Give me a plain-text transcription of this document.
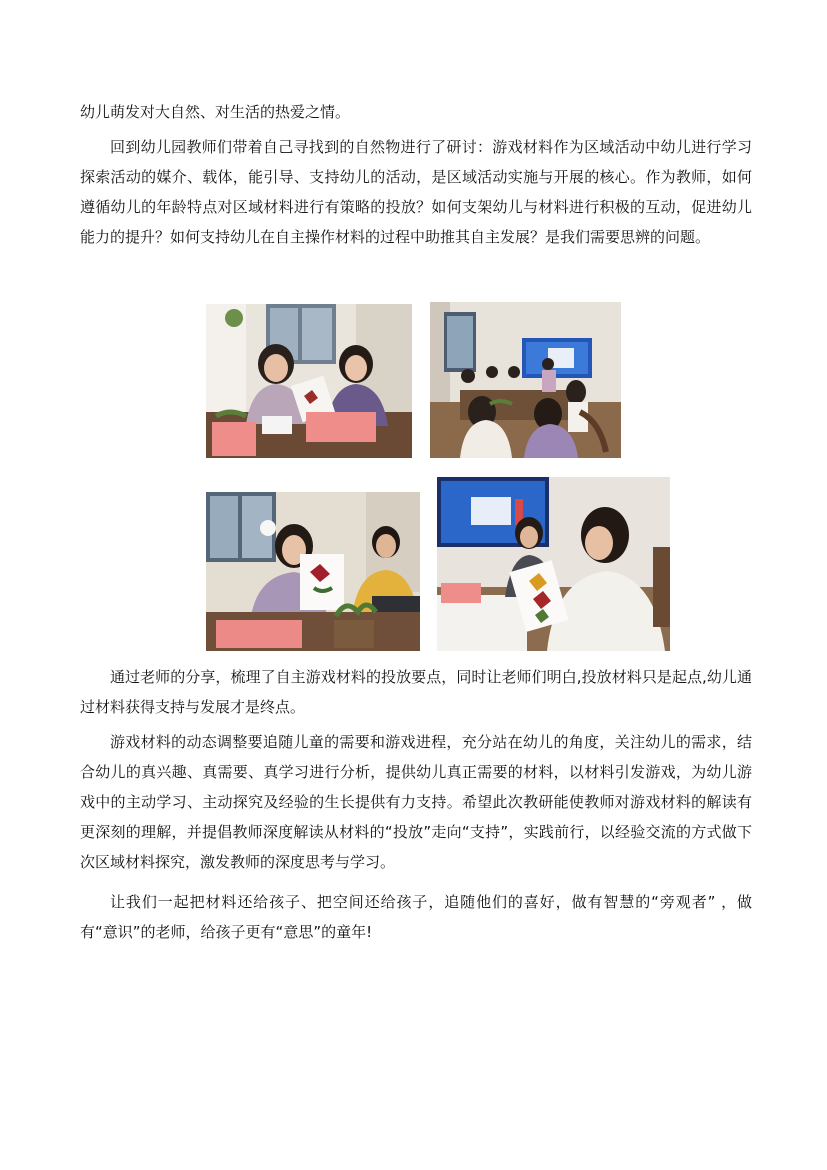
幼儿萌发对大自然、对生活的热爱之情。

回到幼儿园教师们带着自己寻找到的自然物进行了研讨：游戏材料作为区域活动中幼儿进行学习探索活动的媒介、载体，能引导、支持幼儿的活动，是区域活动实施与开展的核心。作为教师，如何遵循幼儿的年龄特点对区域材料进行有策略的投放？如何支架幼儿与材料进行积极的互动，促进幼儿能力的提升？如何支持幼儿在自主操作材料的过程中助推其自主发展？是我们需要思辨的问题。

通过老师的分享，梳理了自主游戏材料的投放要点，同时让老师们明白,投放材料只是起点,幼儿通过材料获得支持与发展才是终点。

游戏材料的动态调整要追随儿童的需要和游戏进程，充分站在幼儿的角度，关注幼儿的需求，结合幼儿的真兴趣、真需要、真学习进行分析，提供幼儿真正需要的材料，以材料引发游戏，为幼儿游戏中的主动学习、主动探究及经验的生长提供有力支持。希望此次教研能使教师对游戏材料的解读有更深刻的理解，并提倡教师深度解读从材料的“投放”走向“支持”，实践前行，以经验交流的方式做下次区域材料探究，激发教师的深度思考与学习。

让我们一起把材料还给孩子、把空间还给孩子，追随他们的喜好，做有智慧的“旁观者” ，做有“意识”的老师，给孩子更有“意思”的童年!
